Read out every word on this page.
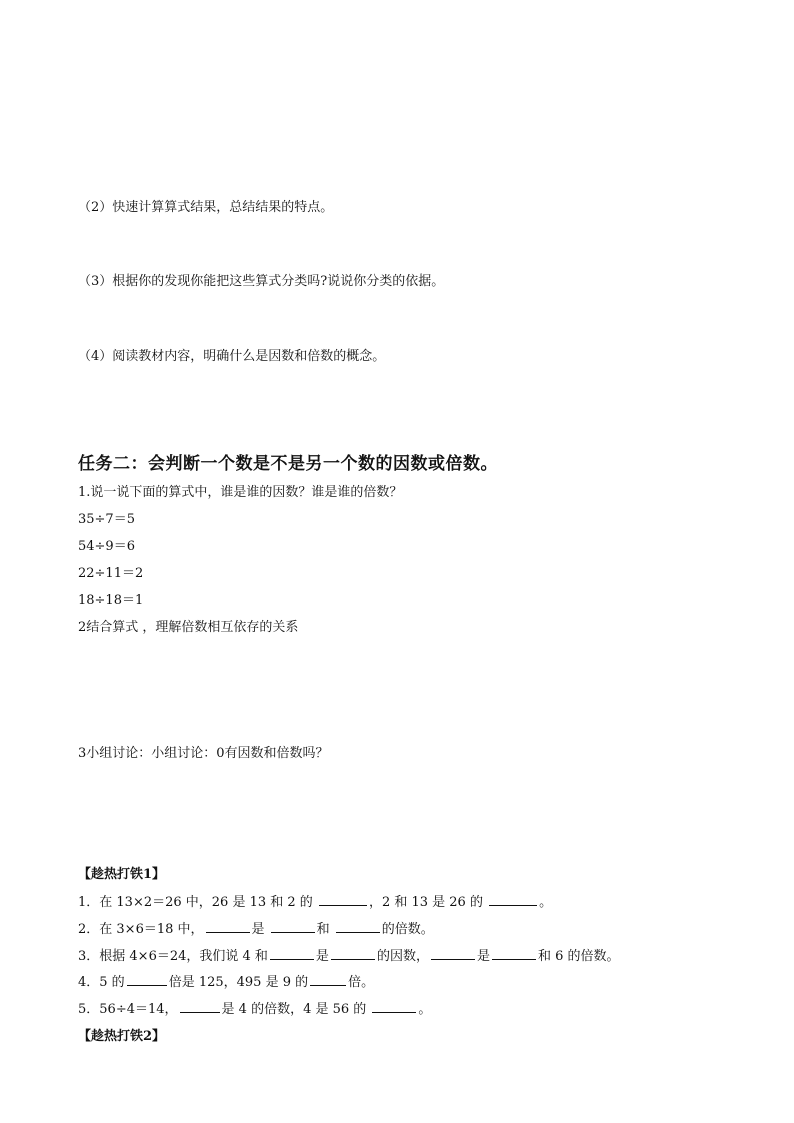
（2）快速计算算式结果，总结结果的特点。
（3）根据你的发现你能把这些算式分类吗?说说你分类的依据。
（4）阅读教材内容，明确什么是因数和倍数的概念。
任务二：会判断一个数是不是另一个数的因数或倍数。
1.说一说下面的算式中，谁是谁的因数？谁是谁的倍数？
35÷7＝5
54÷9＝6
22÷11＝2
18÷18＝1
2结合算式 ，理解倍数相互依存的关系
3小组讨论：小组讨论：0有因数和倍数吗？
【趁热打铁1】
1．在 13×2＝26 中，26 是 13 和 2 的	，2 和 13 是 26 的	。
2．在 3×6＝18 中，	是	和	的倍数。
3．根据 4×6＝24，我们说 4 和	是	的因数，	是	和 6 的倍数。
4．5 的	倍是 125，495 是 9 的	倍。
5．56÷4＝14，	是 4 的倍数，4 是 56 的	。
【趁热打铁2】
